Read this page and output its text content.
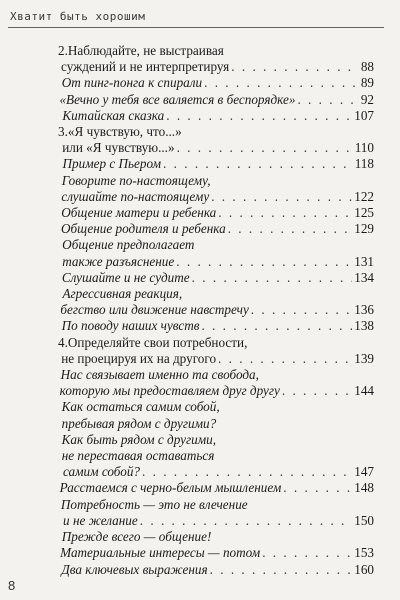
Хватит быть хорошим
2. Наблюдайте, не выстраивая
суждений и не интерпретируя . . .	88
От пинг-понга к спирали . . .	89
«Вечно у тебя все валяется в беспорядке» . . .	92
Китайская сказка . . .	107
3. «Я чувствую, что...»
или «Я чувствую...» . . .	110
Пример с Пьером . . .	118
Говорите по-настоящему,
слушайте по-настоящему . . .	122
Общение матери и ребенка . . .	125
Общение родителя и ребенка . . .	129
Общение предполагает
также разъяснение . . .	131
Слушайте и не судите . . .	134
Агрессивная реакция,
бегство или движение навстречу . . .	136
По поводу наших чувств . . .	138
4. Определяйте свои потребности,
не проецируя их на другого . . .	139
Нас связывает именно та свобода,
которую мы предоставляем друг другу . . .	144
Как остаться самим собой,
пребывая рядом с другими?
Как быть рядом с другими,
не переставая оставаться
самим собой? . . .	147
Расстаемся с черно-белым мышлением . . .	148
Потребность — это не влечение
и не желание . . .	150
Прежде всего — общение!
Материальные интересы — потом . . .	153
Два ключевых выражения . . .	160
8
